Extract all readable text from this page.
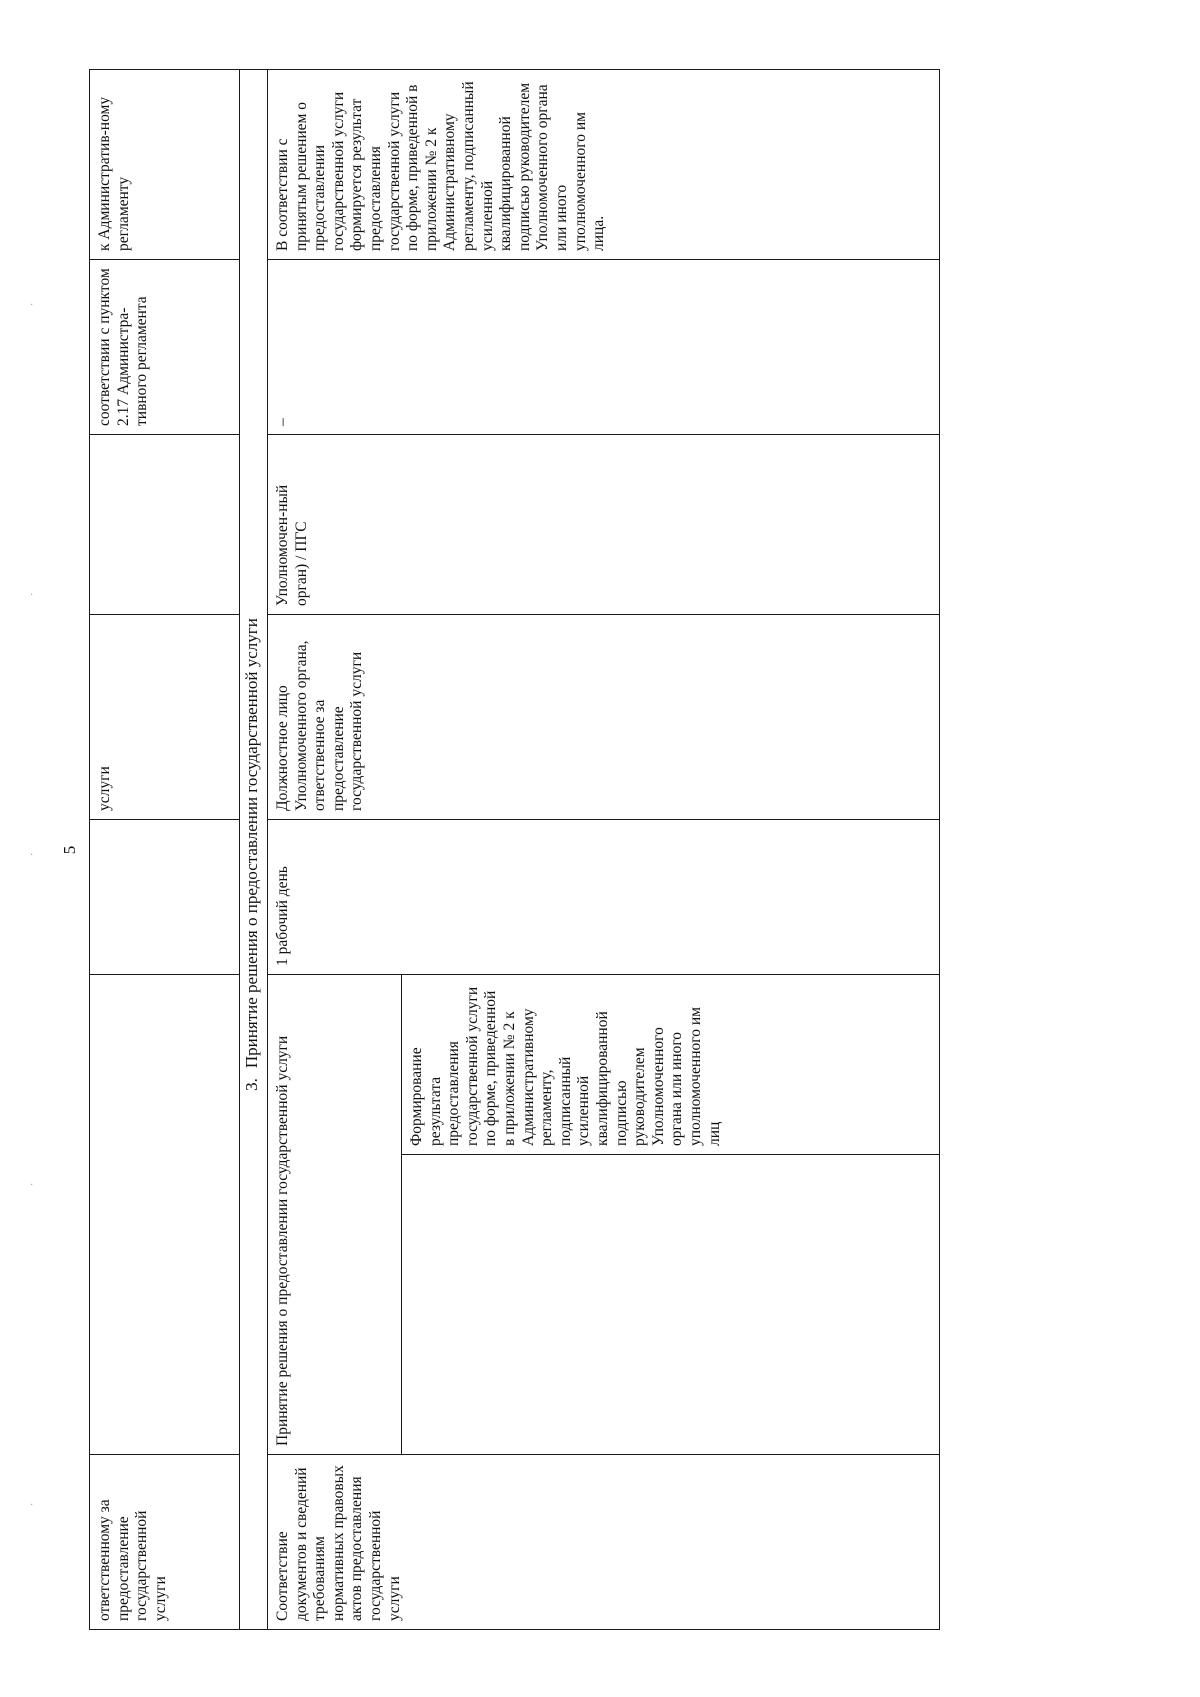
5
·
·
·
·
·
ответственному за предоставление государственной услуги				услуги		соответствии с пунктом 2.17 Администра-тивного регламента	к Административ-ному регламенту
3.Принятие решения о предоставлении государственной услуги							
Соответствие документов и сведений требованиям нормативных правовых актов предоставления государственной услуги	Принятие решения о предоставлении государственной услуги		1 рабочий день	Должностное лицо Уполномоченного органа, ответственное за предоставление государственной услуги	Уполномочен-ный орган) / ПГС	–	В соответствии с принятым решением о предоставлении государственной услуги формируется результат предоставления государственной услуги по форме, приведенной в приложении № 2 к Административному регламенту, подписанный усиленной квалифицированной подписью руководителем Уполномоченного органа или иного уполномоченного им лица.
		Формирование результата предоставления государственной услуги по форме, приведенной в приложении № 2 к Административному регламенту, подписанный усиленной квалифицированной подписью руководителем Уполномоченного органа или иного уполномоченного им лиц					
